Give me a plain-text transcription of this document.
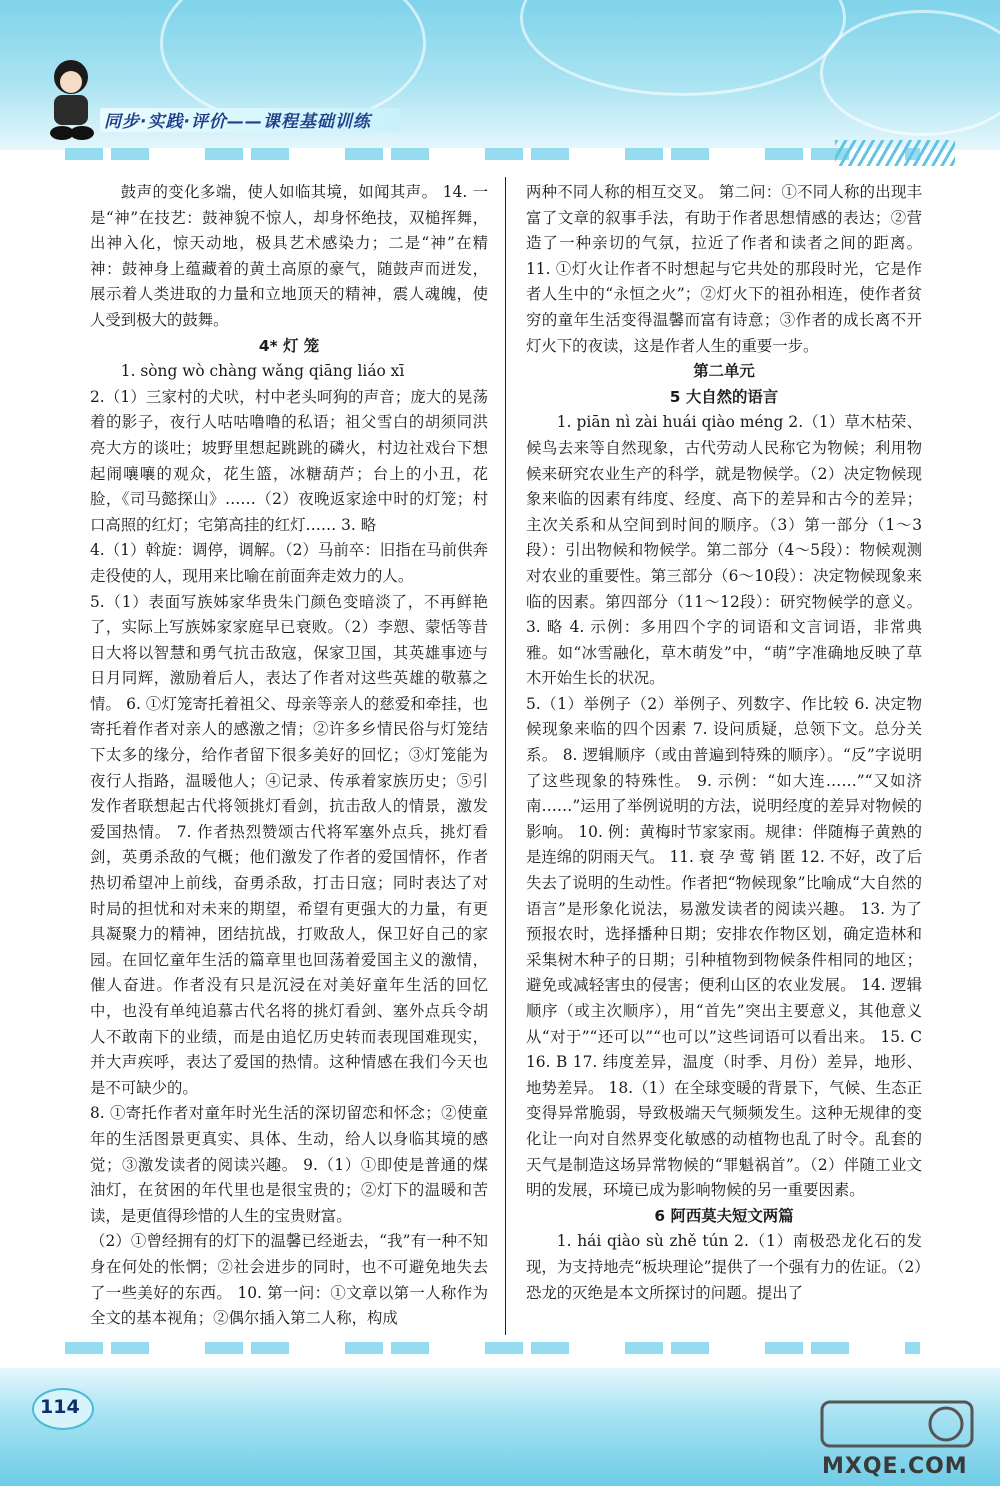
同步·实践·评价——课程基础训练

鼓声的变化多端，使人如临其境，如闻其声。 14. 一是“神”在技艺：鼓神貌不惊人，却身怀绝技，双槌挥舞，出神入化，惊天动地，极具艺术感染力；二是“神”在精神：鼓神身上蕴藏着的黄土高原的豪气，随鼓声而迸发，展示着人类进取的力量和立地顶天的精神，震人魂魄，使人受到极大的鼓舞。

4* 灯 笼

1. sòng wò chàng wǎng qiāng liáo xī

2.（1）三家村的犬吠，村中老头呵狗的声音；庞大的晃荡着的影子，夜行人咕咕噜噜的私语；祖父雪白的胡须同洪亮大方的谈吐；坡野里想起跳跳的磷火，村边社戏台下想起闹嚷嚷的观众，花生篮，冰糖葫芦；台上的小丑，花脸，《司马懿探山》……（2）夜晚返家途中时的灯笼；村口高照的红灯；宅第高挂的红灯…… 3. 略

4.（1）斡旋：调停，调解。（2）马前卒：旧指在马前供奔走役使的人，现用来比喻在前面奔走效力的人。

5.（1）表面写族姊家华贵朱门颜色变暗淡了，不再鲜艳了，实际上写族姊家家庭早已衰败。（2）李愬、蒙恬等昔日大将以智慧和勇气抗击敌寇，保家卫国，其英雄事迹与日月同辉，激励着后人，表达了作者对这些英雄的敬慕之情。 6. ①灯笼寄托着祖父、母亲等亲人的慈爱和牵挂，也寄托着作者对亲人的感激之情；②许多乡情民俗与灯笼结下太多的缘分，给作者留下很多美好的回忆；③灯笼能为夜行人指路，温暖他人；④记录、传承着家族历史；⑤引发作者联想起古代将领挑灯看剑，抗击敌人的情景，激发爱国热情。 7. 作者热烈赞颂古代将军塞外点兵，挑灯看剑，英勇杀敌的气概；他们激发了作者的爱国情怀，作者热切希望冲上前线，奋勇杀敌，打击日寇；同时表达了对时局的担忧和对未来的期望，希望有更强大的力量，有更具凝聚力的精神，团结抗战，打败敌人，保卫好自己的家园。在回忆童年生活的篇章里也回荡着爱国主义的激情，催人奋进。作者没有只是沉浸在对美好童年生活的回忆中，也没有单纯追慕古代名将的挑灯看剑、塞外点兵令胡人不敢南下的业绩，而是由追忆历史转而表现国难现实，并大声疾呼，表达了爱国的热情。这种情感在我们今天也是不可缺少的。

8. ①寄托作者对童年时光生活的深切留恋和怀念；②使童年的生活图景更真实、具体、生动，给人以身临其境的感觉；③激发读者的阅读兴趣。 9.（1）①即使是普通的煤油灯，在贫困的年代里也是很宝贵的；②灯下的温暖和苦读，是更值得珍惜的人生的宝贵财富。

（2）①曾经拥有的灯下的温馨已经逝去，“我”有一种不知身在何处的怅惘；②社会进步的同时，也不可避免地失去了一些美好的东西。 10. 第一问：①文章以第一人称作为全文的基本视角；②偶尔插入第二人称，构成

两种不同人称的相互交叉。 第二问：①不同人称的出现丰富了文章的叙事手法，有助于作者思想情感的表达；②营造了一种亲切的气氛，拉近了作者和读者之间的距离。 11. ①灯火让作者不时想起与它共处的那段时光，它是作者人生中的“永恒之火”；②灯火下的祖孙相连，使作者贫穷的童年生活变得温馨而富有诗意；③作者的成长离不开灯火下的夜读，这是作者人生的重要一步。

第二单元

5 大自然的语言

1. piān nì zài huái qiào méng 2.（1）草木枯荣、候鸟去来等自然现象，古代劳动人民称它为物候；利用物候来研究农业生产的科学，就是物候学。（2）决定物候现象来临的因素有纬度、经度、高下的差异和古今的差异；主次关系和从空间到时间的顺序。（3）第一部分（1～3段）：引出物候和物候学。第二部分（4～5段）：物候观测对农业的重要性。第三部分（6～10段）：决定物候现象来临的因素。第四部分（11～12段）：研究物候学的意义。 3. 略 4. 示例：多用四个字的词语和文言词语，非常典雅。如“冰雪融化，草木萌发”中，“萌”字准确地反映了草木开始生长的状况。

5.（1）举例子（2）举例子、列数字、作比较 6. 决定物候现象来临的四个因素 7. 设问质疑，总领下文。总分关系。 8. 逻辑顺序（或由普遍到特殊的顺序）。“反”字说明了这些现象的特殊性。 9. 示例：“如大连……”“又如济南……”运用了举例说明的方法，说明经度的差异对物候的影响。 10. 例：黄梅时节家家雨。规律：伴随梅子黄熟的是连绵的阴雨天气。 11. 衰 孕 莺 销 匿 12. 不好，改了后失去了说明的生动性。作者把“物候现象”比喻成“大自然的语言”是形象化说法，易激发读者的阅读兴趣。 13. 为了预报农时，选择播种日期；安排农作物区划，确定造林和采集树木种子的日期；引种植物到物候条件相同的地区；避免或减轻害虫的侵害；便利山区的农业发展。 14. 逻辑顺序（或主次顺序），用“首先”突出主要意义，其他意义从“对于”“还可以”“也可以”这些词语可以看出来。 15. C 16. B 17. 纬度差异，温度（时季、月份）差异，地形、地势差异。 18.（1）在全球变暖的背景下，气候、生态正变得异常脆弱，导致极端天气频频发生。这种无规律的变化让一向对自然界变化敏感的动植物也乱了时令。乱套的天气是制造这场异常物候的“罪魁祸首”。（2）伴随工业文明的发展，环境已成为影响物候的另一重要因素。

6 阿西莫夫短文两篇

1. hái qiào sù zhě tún 2.（1）南极恐龙化石的发现，为支持地壳“板块理论”提供了一个强有力的佐证。（2）恐龙的灭绝是本文所探讨的问题。提出了

114
MXQE.COM
